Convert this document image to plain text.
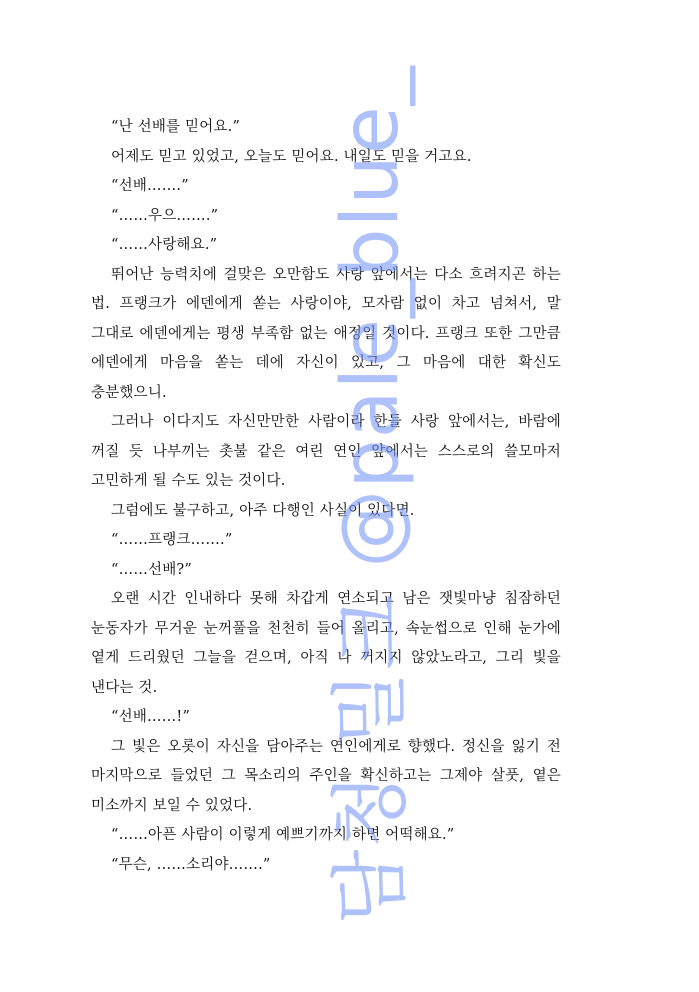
“난 선배를 믿어요.”

어제도 믿고 있었고, 오늘도 믿어요. 내일도 믿을 거고요.

“선배…….”

“……우으…….”

“……사랑해요.”

뛰어난 능력치에 걸맞은 오만함도 사랑 앞에서는 다소 흐려지곤 하는 법. 프랭크가 에덴에게 쏟는 사랑이야, 모자람 없이 차고 넘쳐서, 말 그대로 에덴에게는 평생 부족함 없는 애정일 것이다. 프랭크 또한 그만큼 에덴에게 마음을 쏟는 데에 자신이 있고, 그 마음에 대한 확신도 충분했으니.

그러나 이다지도 자신만만한 사람이라 한들 사랑 앞에서는, 바람에 꺼질 듯 나부끼는 촛불 같은 여린 연인 앞에서는 스스로의 쓸모마저 고민하게 될 수도 있는 것이다.

그럼에도 불구하고, 아주 다행인 사실이 있다면.

“……프랭크…….”

“……선배?”

오랜 시간 인내하다 못해 차갑게 연소되고 남은 잿빛마냥 침잠하던 눈동자가 무거운 눈꺼풀을 천천히 들어 올리고, 속눈썹으로 인해 눈가에 옅게 드리웠던 그늘을 걷으며, 아직 나 꺼지지 않았노라고, 그리 빛을 낸다는 것.

“선배……!”

그 빛은 오롯이 자신을 담아주는 연인에게로 향했다. 정신을 잃기 전 마지막으로 들었던 그 목소리의 주인을 확신하고는 그제야 살풋, 옅은 미소까지 보일 수 있었다.

“……아픈 사람이 이렇게 예쁘기까지 하면 어떡해요.”

“무슨, ……소리야…….” 담청 밀크 @pale_blue_
